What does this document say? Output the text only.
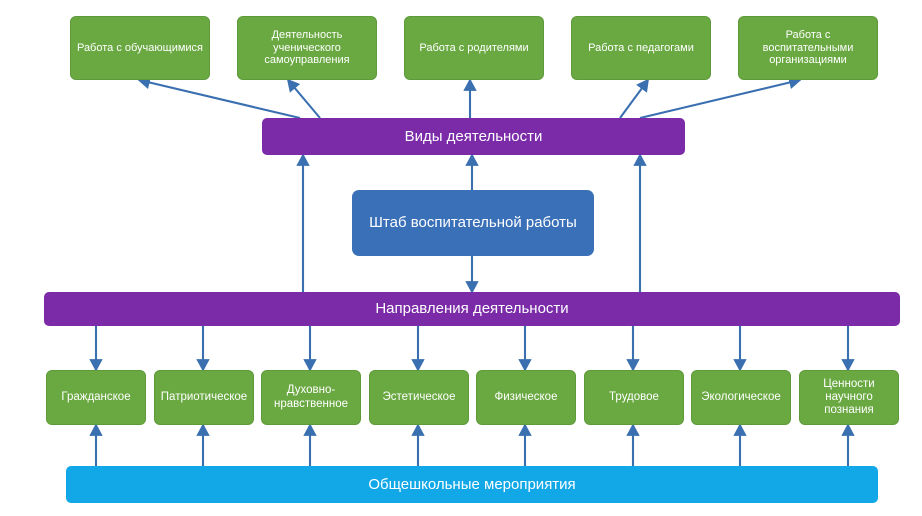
Работа с обучающимися
Деятельность ученического самоуправления
Работа с родителями	Работа с педагогами
Работа с воспитательными организациями
Виды деятельности
Штаб воспитательной работы
Направления деятельности
Гражданское	Патриотическое
Духовно-нравственное
Эстетическое	Физическое	Трудовое	Экологическое
Ценности научного познания
Общешкольные мероприятия
